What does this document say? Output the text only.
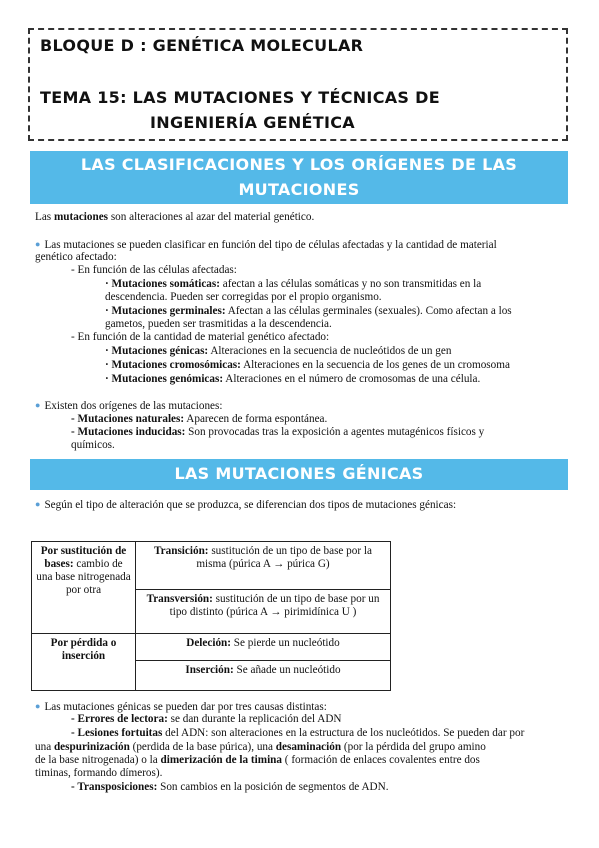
BLOQUE D : GENÉTICA MOLECULAR
TEMA 15: LAS MUTACIONES Y TÉCNICAS DE
INGENIERÍA GENÉTICA
LAS CLASIFICACIONES Y LOS ORÍGENES DE LAS
MUTACIONES
Las mutaciones son alteraciones al azar del material genético.
● Las mutaciones se pueden clasificar en función del tipo de células afectadas y la cantidad de material
genético afectado:
- En función de las células afectadas:
· Mutaciones somáticas: afectan a las células somáticas y no son transmitidas en la
descendencia. Pueden ser corregidas por el propio organismo.
· Mutaciones germinales: Afectan a las células germinales (sexuales). Como afectan a los
gametos, pueden ser trasmitidas a la descendencia.
- En función de la cantidad de material genético afectado:
· Mutaciones génicas: Alteraciones en la secuencia de nucleótidos de un gen
· Mutaciones cromosómicas: Alteraciones en la secuencia de los genes de un cromosoma
· Mutaciones genómicas: Alteraciones en el número de cromosomas de una célula.
● Existen dos orígenes de las mutaciones:
- Mutaciones naturales: Aparecen de forma espontánea.
- Mutaciones inducidas: Son provocadas tras la exposición a agentes mutagénicos físicos y
químicos.
LAS MUTACIONES GÉNICAS
● Según el tipo de alteración que se produzca, se diferencian dos tipos de mutaciones génicas:
Por sustitución de bases: cambio de una base nitrogenada por otra	Transición: sustitución de un tipo de base por la misma (púrica A → púrica G)
	Transversión: sustitución de un tipo de base por un tipo distinto (púrica A → pirimidínica U )
Por pérdida o inserción	Deleción: Se pierde un nucleótido
	Inserción: Se añade un nucleótido
● Las mutaciones génicas se pueden dar por tres causas distintas:
- Errores de lectora: se dan durante la replicación del ADN
- Lesiones fortuitas del ADN: son alteraciones en la estructura de los nucleótidos. Se pueden dar por
una despurinización (perdida de la base púrica), una desaminación (por la pérdida del grupo amino
de la base nitrogenada) o la dimerización de la timina ( formación de enlaces covalentes entre dos
timinas, formando dímeros).
- Transposiciones: Son cambios en la posición de segmentos de ADN.
